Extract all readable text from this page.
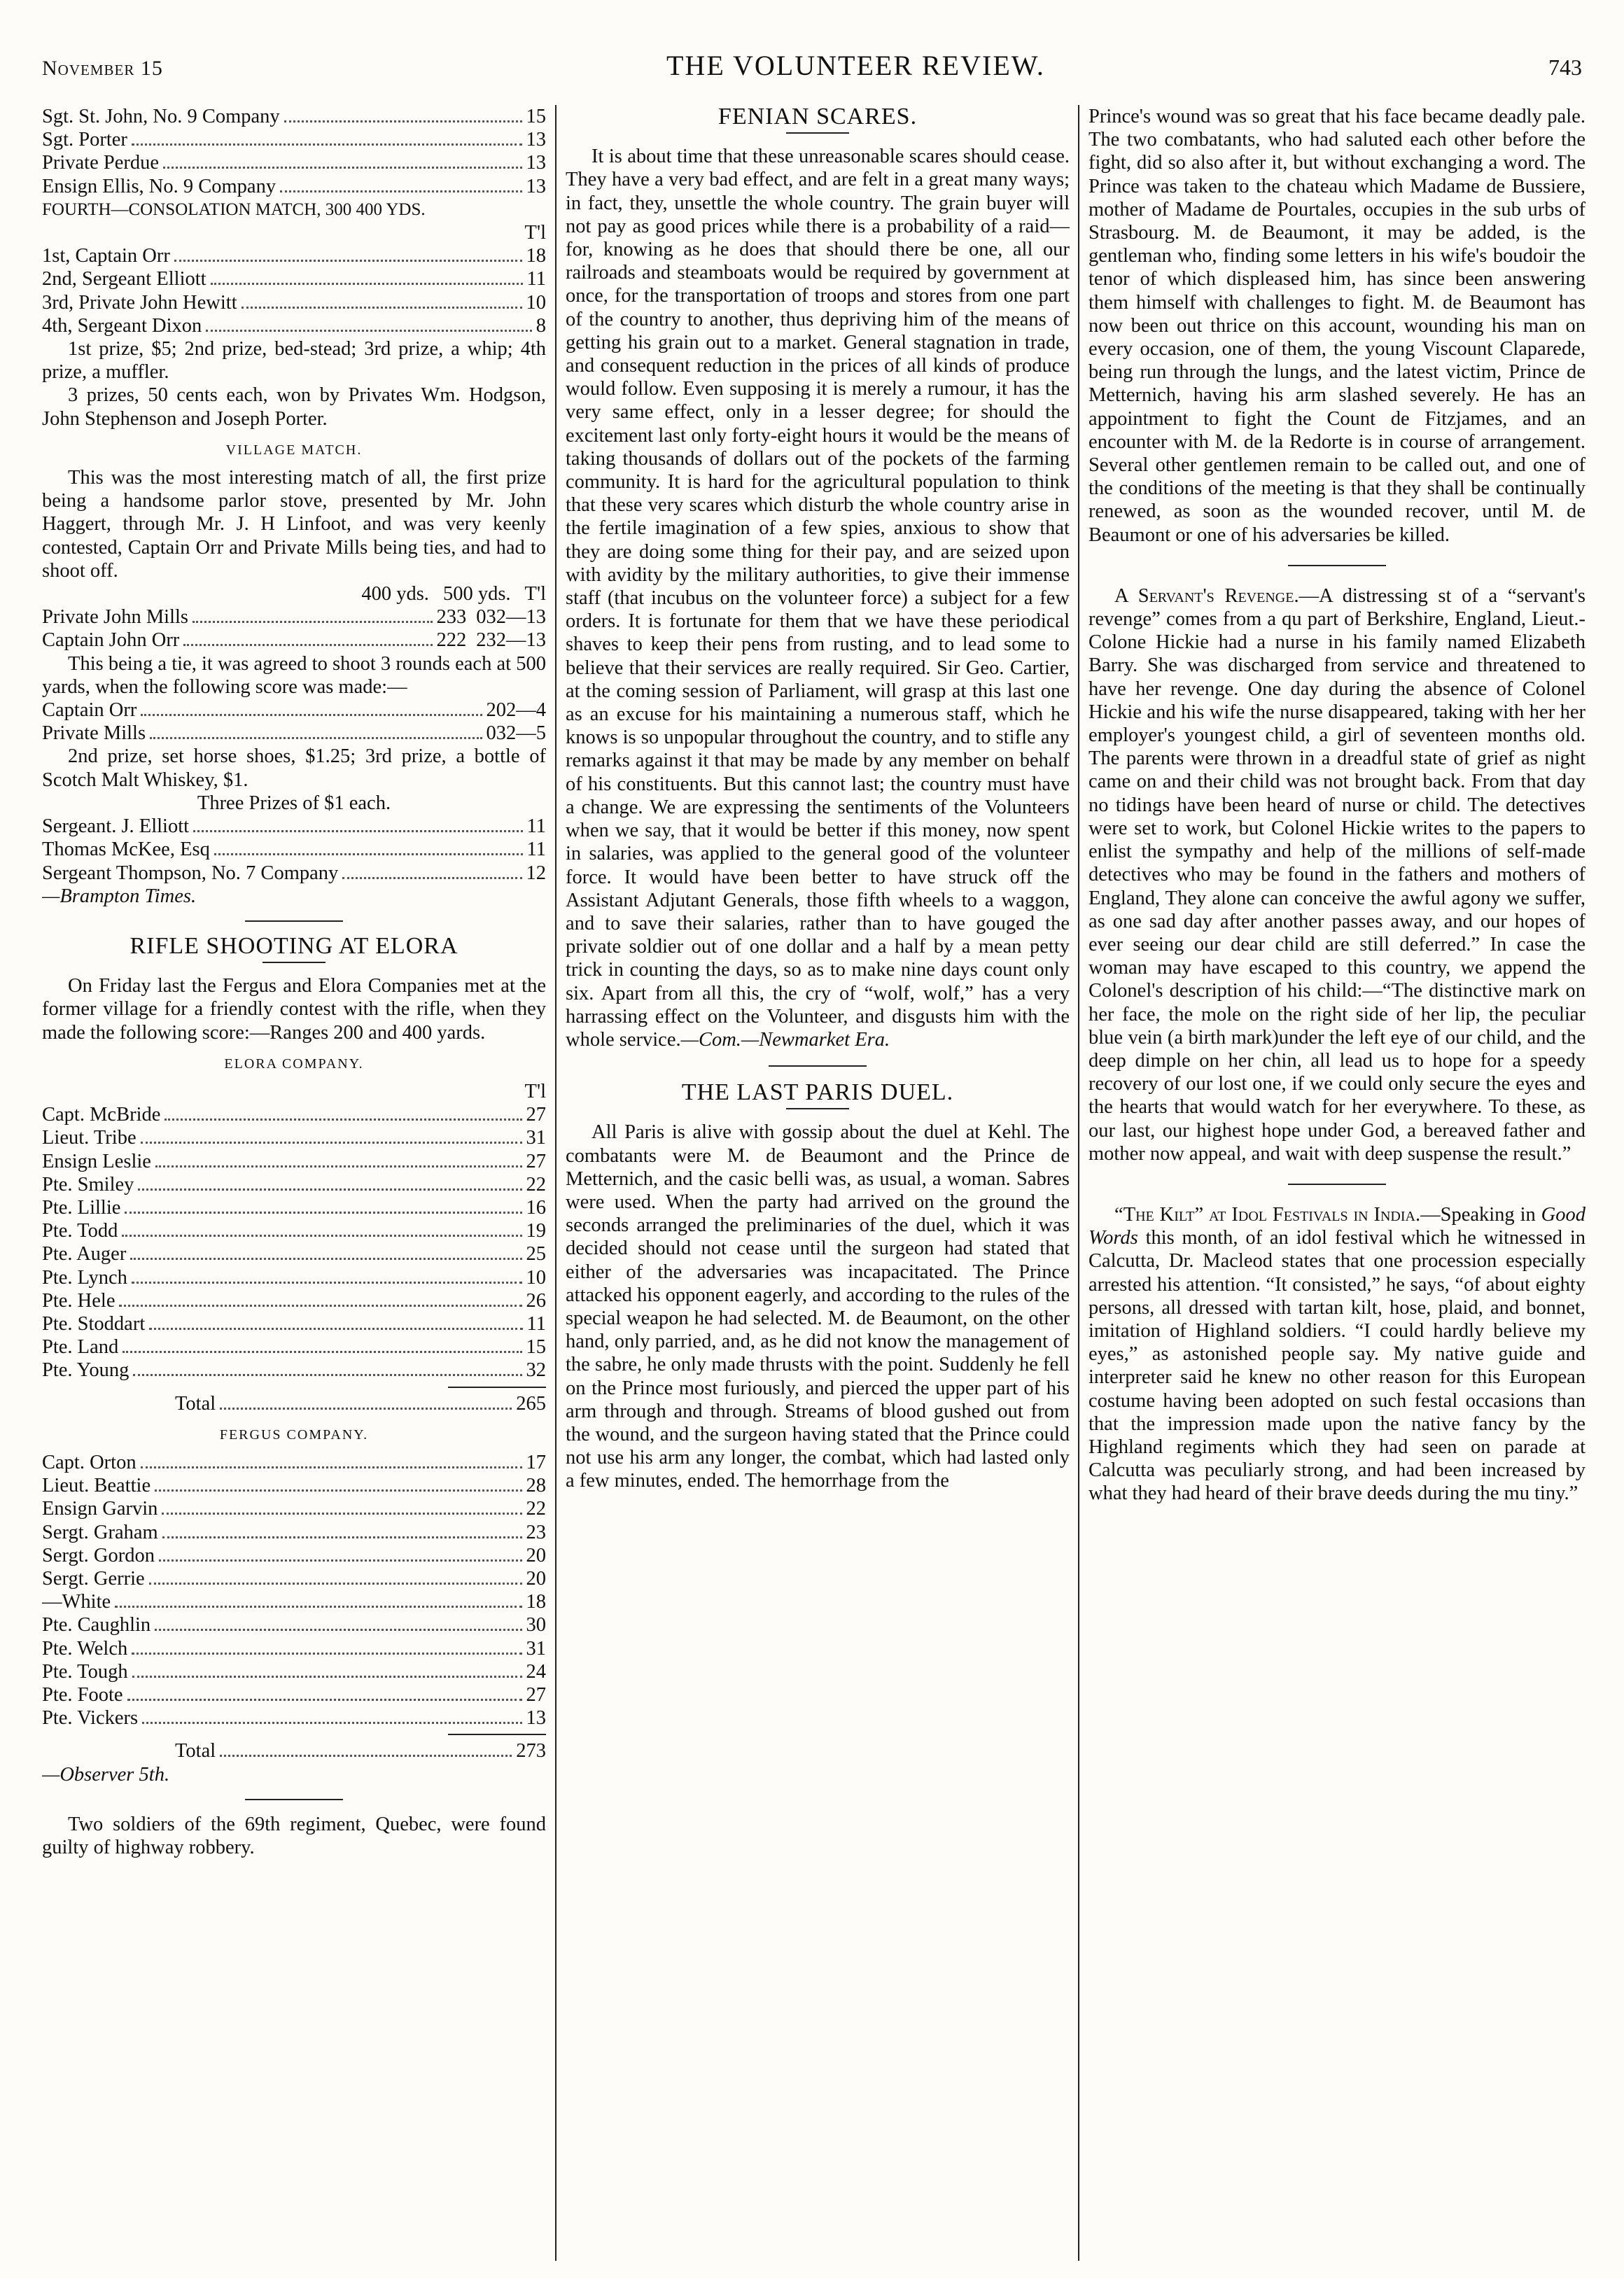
November 15	THE VOLUNTEER REVIEW.	743
Sgt. St. John, No. 9 Company	15
Sgt. Porter	13
Private Perdue	13
Ensign Ellis, No. 9 Company	13
FOURTH—CONSOLATION MATCH, 300 400 YDS.
T'l
1st, Captain Orr	18
2nd, Sergeant Elliott	11
3rd, Private John Hewitt	10
4th, Sergeant Dixon	8

1st prize, $5; 2nd prize, bed-stead; 3rd prize, a whip; 4th prize, a muffler.

3 prizes, 50 cents each, won by Privates Wm. Hodgson, John Stephenson and Joseph Porter.

VILLAGE MATCH.

This was the most interesting match of all, the first prize being a handsome parlor stove, presented by Mr. John Haggert, through Mr. J. H Linfoot, and was very keenly contested, Captain Orr and Private Mills being ties, and had to shoot off.

400 yds. 500 yds. T'l
Private John Mills	233 032—13
Captain John Orr	222 232—13

This being a tie, it was agreed to shoot 3 rounds each at 500 yards, when the following score was made:—

Captain Orr	202—4
Private Mills	032—5

2nd prize, set horse shoes, $1.25; 3rd prize, a bottle of Scotch Malt Whiskey, $1.

Three Prizes of $1 each.
Sergeant. J. Elliott	11
Thomas McKee, Esq	11
Sergeant Thompson, No. 7 Company	12
—Brampton Times.
RIFLE SHOOTING AT ELORA

On Friday last the Fergus and Elora Companies met at the former village for a friendly contest with the rifle, when they made the following score:—Ranges 200 and 400 yards.

ELORA COMPANY.
T'l
Capt. McBride	27
Lieut. Tribe	31
Ensign Leslie	27
Pte. Smiley	22
Pte. Lillie	16
Pte. Todd	19
Pte. Auger	25
Pte. Lynch	10
Pte. Hele	26
Pte. Stoddart	11
Pte. Land	15
Pte. Young	32
Total	265
FERGUS COMPANY.
Capt. Orton	17
Lieut. Beattie	28
Ensign Garvin	22
Sergt. Graham	23
Sergt. Gordon	20
Sergt. Gerrie	20
—White	18
Pte. Caughlin	30
Pte. Welch	31
Pte. Tough	24
Pte. Foote	27
Pte. Vickers	13
Total	273
—Observer 5th.

Two soldiers of the 69th regiment, Quebec, were found guilty of highway robbery.

FENIAN SCARES.

It is about time that these unreasonable scares should cease. They have a very bad effect, and are felt in a great many ways; in fact, they, unsettle the whole country. The grain buyer will not pay as good prices while there is a probability of a raid—for, knowing as he does that should there be one, all our railroads and steamboats would be required by government at once, for the transportation of troops and stores from one part of the country to another, thus depriving him of the means of getting his grain out to a market. General stagnation in trade, and consequent reduction in the prices of all kinds of produce would follow. Even supposing it is merely a rumour, it has the very same effect, only in a lesser degree; for should the excitement last only forty-eight hours it would be the means of taking thousands of dollars out of the pockets of the farming community. It is hard for the agricultural population to think that these very scares which disturb the whole country arise in the fertile imagination of a few spies, anxious to show that they are doing some thing for their pay, and are seized upon with avidity by the military authorities, to give their immense staff (that incubus on the volunteer force) a subject for a few orders. It is fortunate for them that we have these periodical shaves to keep their pens from rusting, and to lead some to believe that their services are really required. Sir Geo. Cartier, at the coming session of Parliament, will grasp at this last one as an excuse for his maintaining a numerous staff, which he knows is so unpopular throughout the country, and to stifle any remarks against it that may be made by any member on behalf of his constituents. But this cannot last; the country must have a change. We are expressing the sentiments of the Volunteers when we say, that it would be better if this money, now spent in salaries, was applied to the general good of the volunteer force. It would have been better to have struck off the Assistant Adjutant Generals, those fifth wheels to a waggon, and to save their salaries, rather than to have gouged the private soldier out of one dollar and a half by a mean petty trick in counting the days, so as to make nine days count only six. Apart from all this, the cry of “wolf, wolf,” has a very harrassing effect on the Volunteer, and disgusts him with the whole service.—Com.—Newmarket Era.

THE LAST PARIS DUEL.

All Paris is alive with gossip about the duel at Kehl. The combatants were M. de Beaumont and the Prince de Metternich, and the casic belli was, as usual, a woman. Sabres were used. When the party had arrived on the ground the seconds arranged the preliminaries of the duel, which it was decided should not cease until the surgeon had stated that either of the adversaries was incapacitated. The Prince attacked his opponent eagerly, and according to the rules of the special weapon he had selected. M. de Beaumont, on the other hand, only parried, and, as he did not know the management of the sabre, he only made thrusts with the point. Suddenly he fell on the Prince most furiously, and pierced the upper part of his arm through and through. Streams of blood gushed out from the wound, and the surgeon having stated that the Prince could not use his arm any longer, the combat, which had lasted only a few minutes, ended. The hemorrhage from the

Prince's wound was so great that his face became deadly pale. The two combatants, who had saluted each other before the fight, did so also after it, but without exchanging a word. The Prince was taken to the chateau which Madame de Bussiere, mother of Madame de Pourtales, occupies in the sub urbs of Strasbourg. M. de Beaumont, it may be added, is the gentleman who, finding some letters in his wife's boudoir the tenor of which displeased him, has since been answering them himself with challenges to fight. M. de Beaumont has now been out thrice on this account, wounding his man on every occasion, one of them, the young Viscount Claparede, being run through the lungs, and the latest victim, Prince de Metternich, having his arm slashed severely. He has an appointment to fight the Count de Fitzjames, and an encounter with M. de la Redorte is in course of arrangement. Several other gentlemen remain to be called out, and one of the conditions of the meeting is that they shall be continually renewed, as soon as the wounded recover, until M. de Beaumont or one of his adversaries be killed.

A Servant's Revenge.—A distressing st of a “servant's revenge” comes from a qu part of Berkshire, England, Lieut.-Colone Hickie had a nurse in his family named Elizabeth Barry. She was discharged from service and threatened to have her revenge. One day during the absence of Colonel Hickie and his wife the nurse disappeared, taking with her her employer's youngest child, a girl of seventeen months old. The parents were thrown in a dreadful state of grief as night came on and their child was not brought back. From that day no tidings have been heard of nurse or child. The detectives were set to work, but Colonel Hickie writes to the papers to enlist the sympathy and help of the millions of self-made detectives who may be found in the fathers and mothers of England, They alone can conceive the awful agony we suffer, as one sad day after another passes away, and our hopes of ever seeing our dear child are still deferred.” In case the woman may have escaped to this country, we append the Colonel's description of his child:—“The distinctive mark on her face, the mole on the right side of her lip, the peculiar blue vein (a birth mark)under the left eye of our child, and the deep dimple on her chin, all lead us to hope for a speedy recovery of our lost one, if we could only secure the eyes and the hearts that would watch for her everywhere. To these, as our last, our highest hope under God, a bereaved father and mother now appeal, and wait with deep suspense the result.”

“The Kilt” at Idol Festivals in India.—Speaking in Good Words this month, of an idol festival which he witnessed in Calcutta, Dr. Macleod states that one procession especially arrested his attention. “It consisted,” he says, “of about eighty persons, all dressed with tartan kilt, hose, plaid, and bonnet, imitation of Highland soldiers. “I could hardly believe my eyes,” as astonished people say. My native guide and interpreter said he knew no other reason for this European costume having been adopted on such festal occasions than that the impression made upon the native fancy by the Highland regiments which they had seen on parade at Calcutta was peculiarly strong, and had been increased by what they had heard of their brave deeds during the mu tiny.”
